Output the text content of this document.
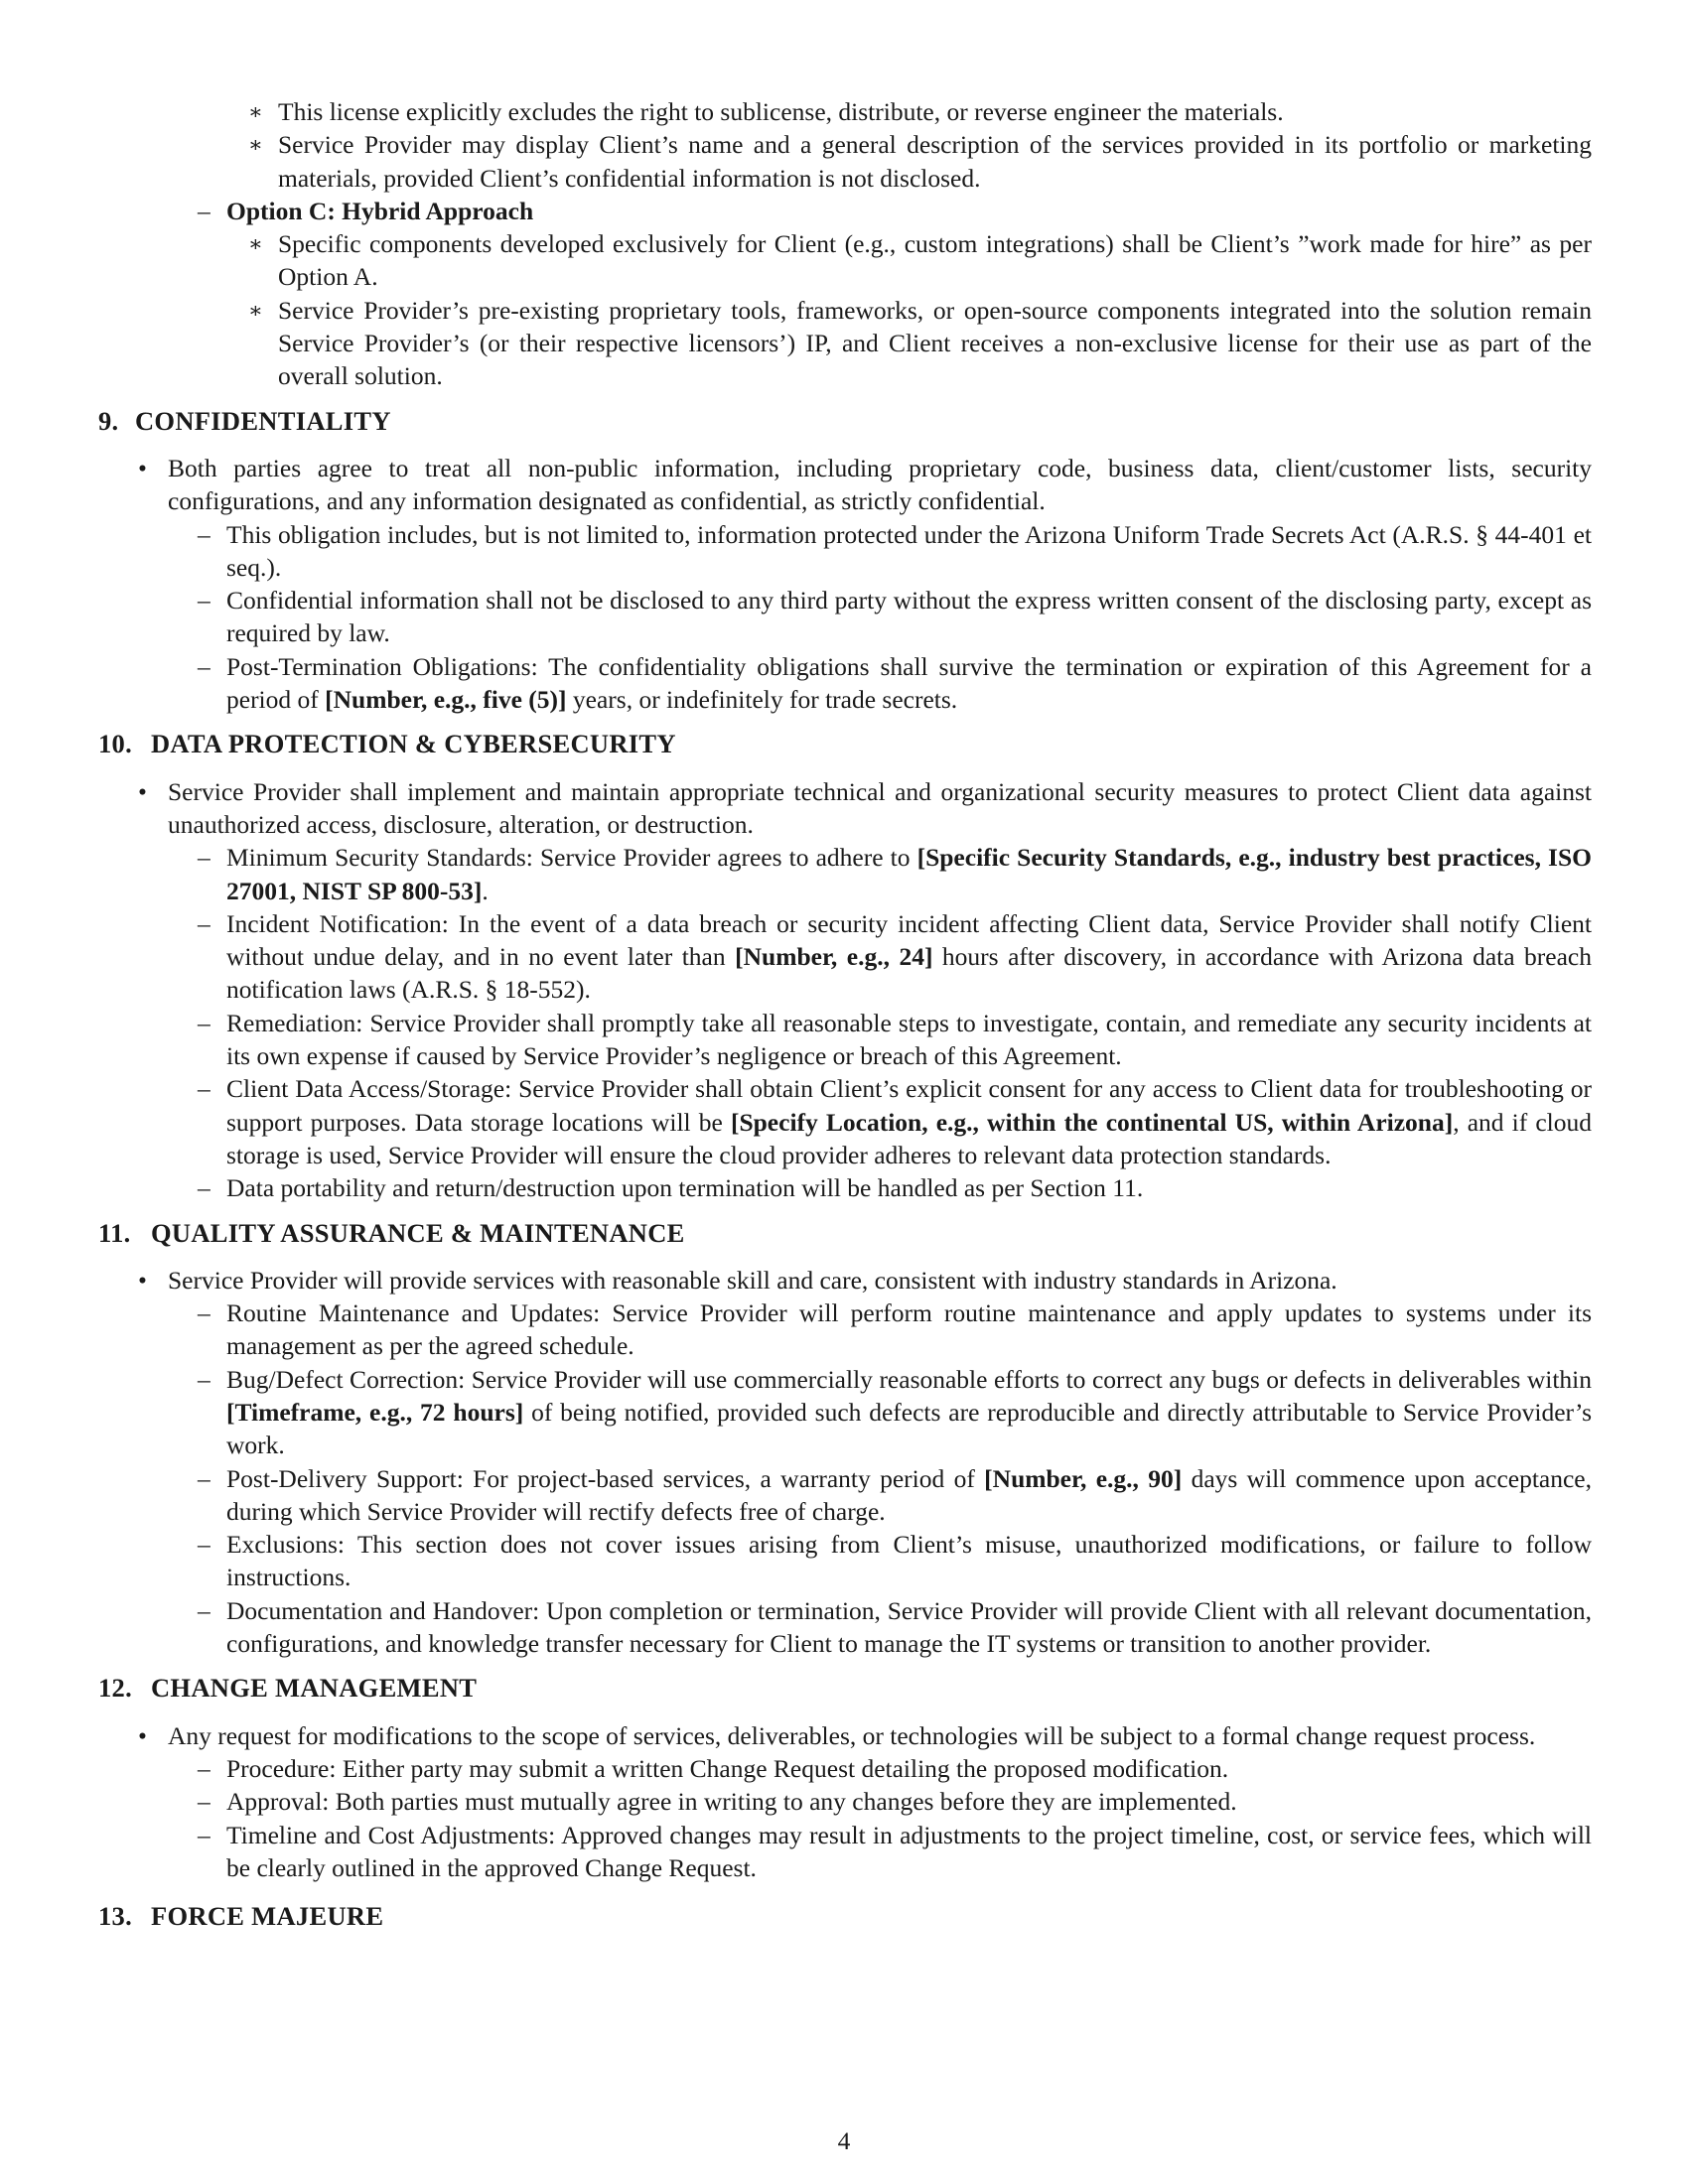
∗ This license explicitly excludes the right to sublicense, distribute, or reverse engineer the materials.
∗ Service Provider may display Client’s name and a general description of the services provided in its portfolio or marketing materials, provided Client’s confidential information is not disclosed.
– Option C: Hybrid Approach
∗ Specific components developed exclusively for Client (e.g., custom integrations) shall be Client’s ”work made for hire” as per Option A.
∗ Service Provider’s pre-existing proprietary tools, frameworks, or open-source components integrated into the solution remain Service Provider’s (or their respective licensors’) IP, and Client receives a non-exclusive license for their use as part of the overall solution.
9. CONFIDENTIALITY
• Both parties agree to treat all non-public information, including proprietary code, business data, client/customer lists, security configurations, and any information designated as confidential, as strictly confidential.
– This obligation includes, but is not limited to, information protected under the Arizona Uniform Trade Secrets Act (A.R.S. § 44-401 et seq.).
– Confidential information shall not be disclosed to any third party without the express written consent of the disclosing party, except as required by law.
– Post-Termination Obligations: The confidentiality obligations shall survive the termination or expiration of this Agreement for a period of [Number, e.g., five (5)] years, or indefinitely for trade secrets.
10. DATA PROTECTION & CYBERSECURITY
• Service Provider shall implement and maintain appropriate technical and organizational security measures to protect Client data against unauthorized access, disclosure, alteration, or destruction.
– Minimum Security Standards: Service Provider agrees to adhere to [Specific Security Standards, e.g., industry best practices, ISO 27001, NIST SP 800-53].
– Incident Notification: In the event of a data breach or security incident affecting Client data, Service Provider shall notify Client without undue delay, and in no event later than [Number, e.g., 24] hours after discovery, in accordance with Arizona data breach notification laws (A.R.S. § 18-552).
– Remediation: Service Provider shall promptly take all reasonable steps to investigate, contain, and remediate any security incidents at its own expense if caused by Service Provider’s negligence or breach of this Agreement.
– Client Data Access/Storage: Service Provider shall obtain Client’s explicit consent for any access to Client data for troubleshooting or support purposes. Data storage locations will be [Specify Location, e.g., within the continental US, within Arizona], and if cloud storage is used, Service Provider will ensure the cloud provider adheres to relevant data protection standards.
– Data portability and return/destruction upon termination will be handled as per Section 11.
11. QUALITY ASSURANCE & MAINTENANCE
• Service Provider will provide services with reasonable skill and care, consistent with industry standards in Arizona.
– Routine Maintenance and Updates: Service Provider will perform routine maintenance and apply updates to systems under its management as per the agreed schedule.
– Bug/Defect Correction: Service Provider will use commercially reasonable efforts to correct any bugs or defects in deliverables within [Timeframe, e.g., 72 hours] of being notified, provided such defects are reproducible and directly attributable to Service Provider’s work.
– Post-Delivery Support: For project-based services, a warranty period of [Number, e.g., 90] days will commence upon acceptance, during which Service Provider will rectify defects free of charge.
– Exclusions: This section does not cover issues arising from Client’s misuse, unauthorized modifications, or failure to follow instructions.
– Documentation and Handover: Upon completion or termination, Service Provider will provide Client with all relevant documentation, configurations, and knowledge transfer necessary for Client to manage the IT systems or transition to another provider.
12. CHANGE MANAGEMENT
• Any request for modifications to the scope of services, deliverables, or technologies will be subject to a formal change request process.
– Procedure: Either party may submit a written Change Request detailing the proposed modification.
– Approval: Both parties must mutually agree in writing to any changes before they are implemented.
– Timeline and Cost Adjustments: Approved changes may result in adjustments to the project timeline, cost, or service fees, which will be clearly outlined in the approved Change Request.
13. FORCE MAJEURE
4
